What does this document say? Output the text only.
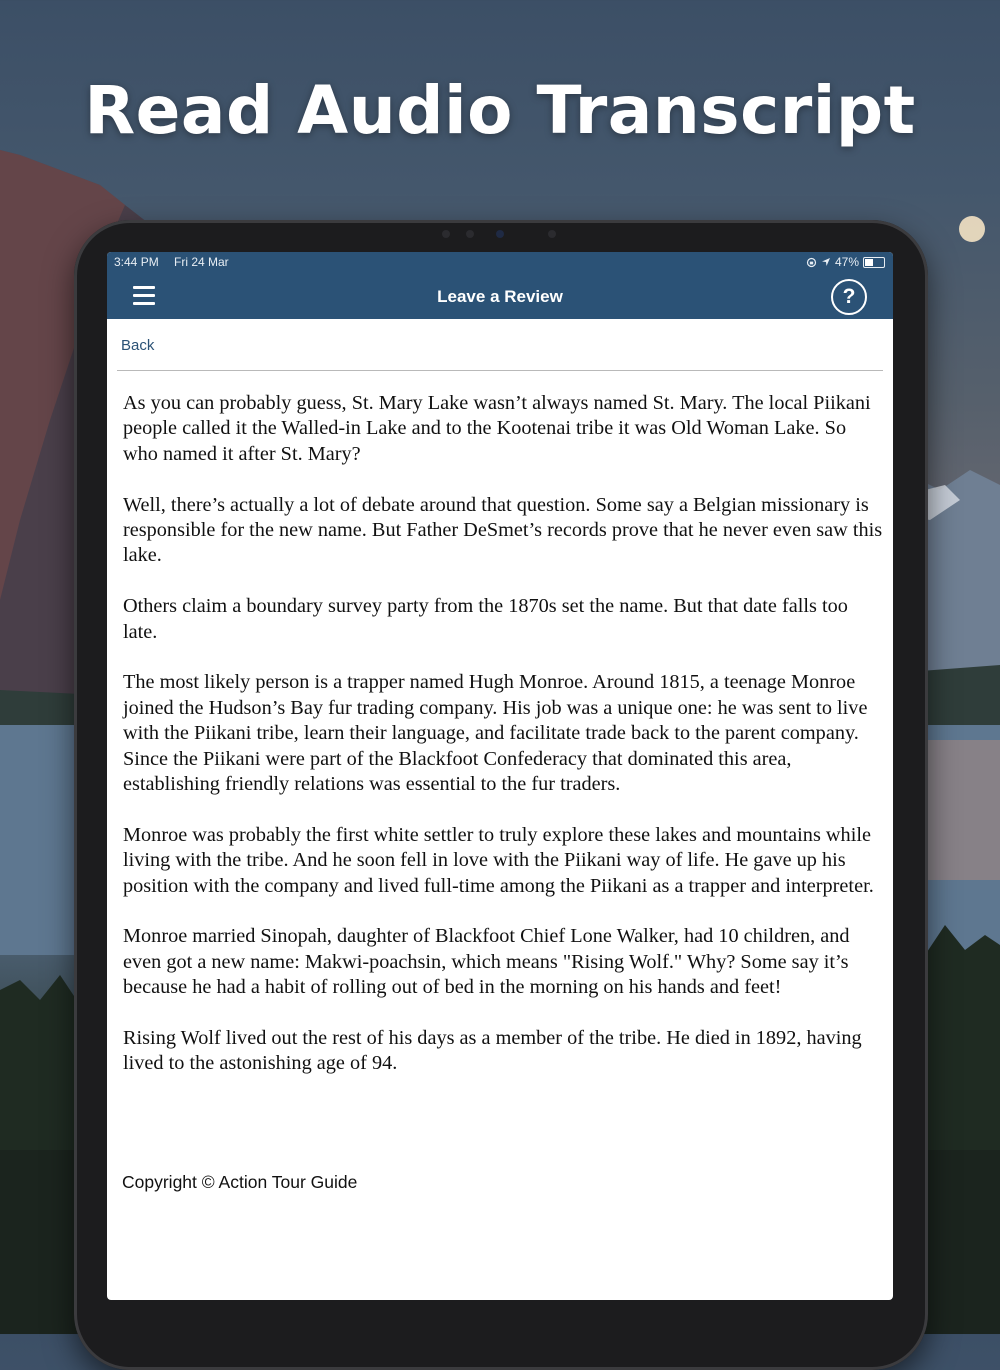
Read Audio Transcript
3:44 PM Fri 24 Mar	47%
Leave a Review	?
Back

As you can probably guess, St. Mary Lake wasn’t always named St. Mary. The local Piikani people called it the Walled-in Lake and to the Kootenai tribe it was Old Woman Lake. So who named it after St. Mary?

Well, there’s actually a lot of debate around that question. Some say a Belgian missionary is responsible for the new name. But Father DeSmet’s records prove that he never even saw this lake.

Others claim a boundary survey party from the 1870s set the name. But that date falls too late.

The most likely person is a trapper named Hugh Monroe. Around 1815, a teenage Monroe joined the Hudson’s Bay fur trading company. His job was a unique one: he was sent to live with the Piikani tribe, learn their language, and facilitate trade back to the parent company. Since the Piikani were part of the Blackfoot Confederacy that dominated this area, establishing friendly relations was essential to the fur traders.

Monroe was probably the first white settler to truly explore these lakes and mountains while living with the tribe. And he soon fell in love with the Piikani way of life. He gave up his position with the company and lived full-time among the Piikani as a trapper and interpreter.

Monroe married Sinopah, daughter of Blackfoot Chief Lone Walker, had 10 children, and even got a new name: Makwi-poachsin, which means "Rising Wolf." Why? Some say it’s because he had a habit of rolling out of bed in the morning on his hands and feet!

Rising Wolf lived out the rest of his days as a member of the tribe. He died in 1892, having lived to the astonishing age of 94.

Copyright © Action Tour Guide
